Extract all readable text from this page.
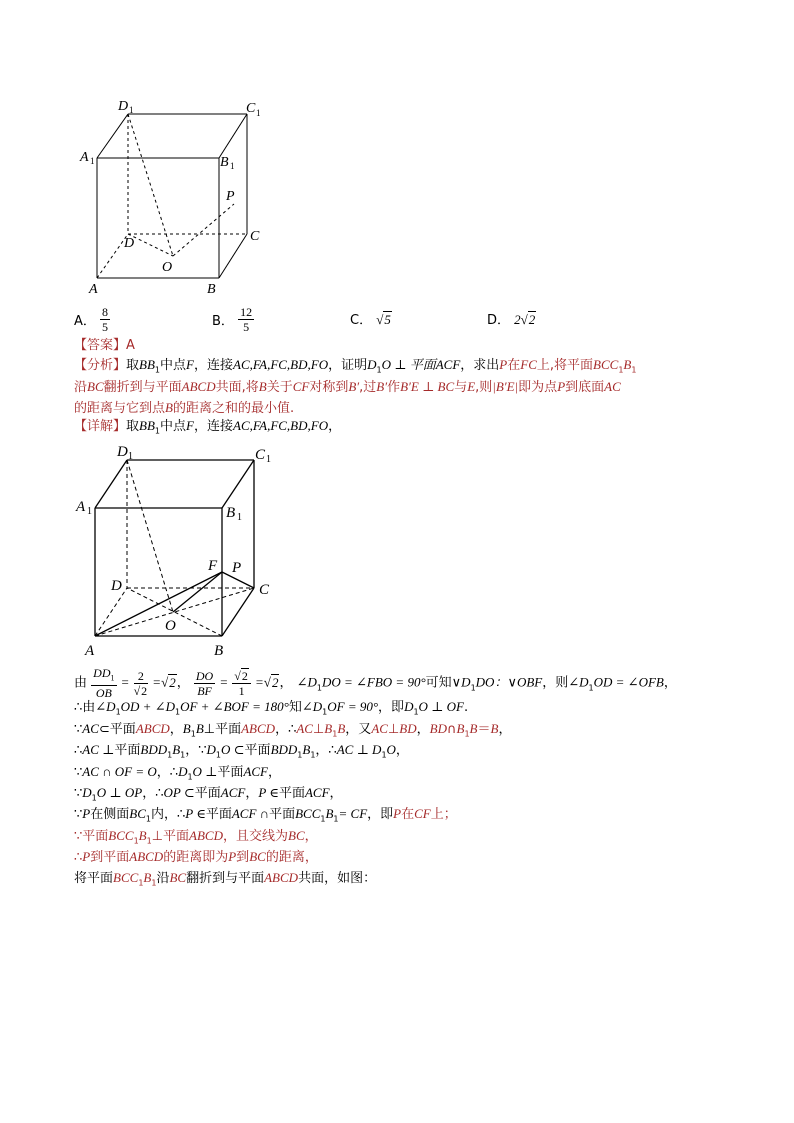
D 1	C 1
A 1	B 1
P
C
D
O
A	B
A． $\frac{8}{5}$	B． $\frac{12}{5}$	C． √5	D． 2√2
【答案】A
【分析】取$BB_1$中点F，连接AC,FA,FC,BD,FO，证明$D_1O$ ⊥ 平面ACF，求出P在FC上,将平面$BCC_1B_1$
沿BC翻折到与平面ABCD共面,将B关于CF对称到B′,过B′作B′E ⊥ BC与E,则|B′E|即为点P到底面AC
的距离与它到点B的距离之和的最小值.
【详解】取$BB_1$中点F，连接AC,FA,FC,BD,FO，
D 1	C 1
A 1	B 1
F P
D	C
O
A	B
由 $\frac{DD_1}{OB} = \frac{2}{√2} =√2$， $\frac{DO}{BF} = \frac{√2}{1} =√2$， $\angle D_1DO$ = ∠FBO = 90°可知$\vee D_1DO$：∨OBF，则$\angle D_1OD$ = ∠OFB，
∴由$\angle D_1OD$ + $\angle D_1OF$ + ∠BOF = 180°知$\angle D_1OF = 90^\circ$，即$D_1O$ ⊥ OF.
∵AC⊂平面ABCD，$B_1B\perp$平面ABCD，$\therefore AC\perp B_1B$，又AC⊥BD，$BD\cap B_1B=B$，
∴AC ⊥平面$BDD_1B_1$，$\because D_1O$ ⊂平面$BDD_1B_1$，∴AC ⊥ $D_1O$，
∵AC ∩ OF = O，$\therefore D_1O$ ⊥平面ACF，
$\because D_1O$ ⊥ OP，∴OP ⊂平面ACF，P ∈平面ACF，
∵P在侧面$BC_1$内，∴P ∈平面ACF ∩平面$BCC_1B_1=$ CF，即P在CF上；
∵平面$BCC_1B_1\perp$平面ABCD，且交线为BC，
∴P到平面ABCD的距离即为P到BC的距离，
将平面$BCC_1B_1$沿BC翻折到与平面ABCD共面，如图：
